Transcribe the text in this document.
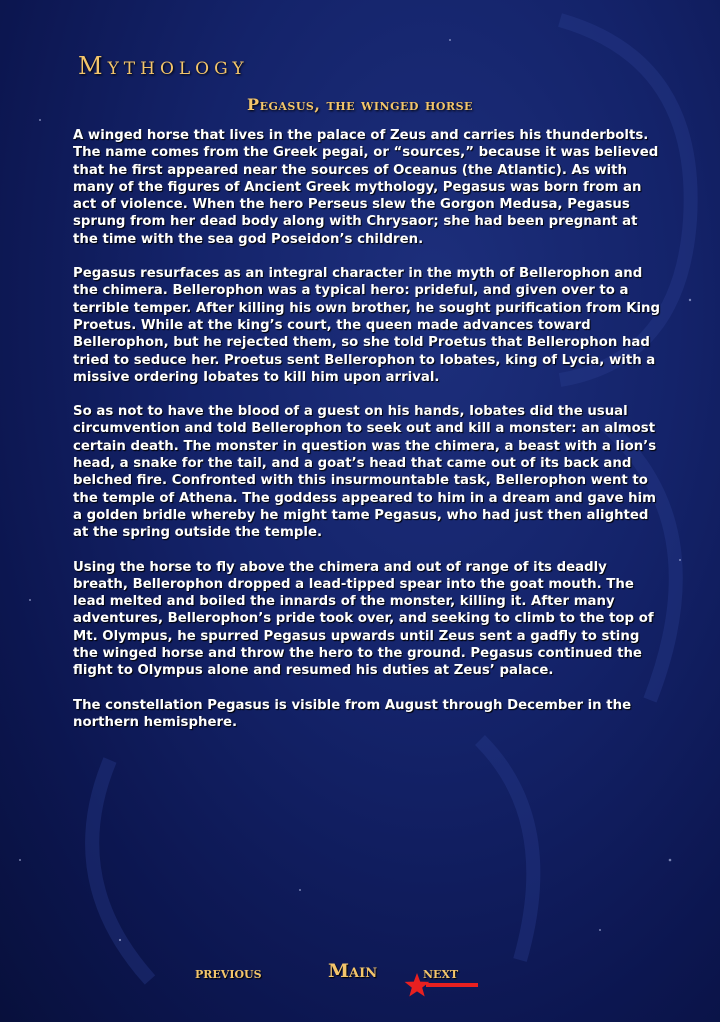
Mythology
Pegasus, the winged horse

A winged horse that lives in the palace of Zeus and carries his thunderbolts. The name comes from the Greek pegai, or “sources,” because it was believed that he first appeared near the sources of Oceanus (the Atlantic). As with many of the figures of Ancient Greek mythology, Pegasus was born from an act of violence. When the hero Perseus slew the Gorgon Medusa, Pegasus sprung from her dead body along with Chrysaor; she had been pregnant at the time with the sea god Poseidon’s children.

Pegasus resurfaces as an integral character in the myth of Bellerophon and the chimera. Bellerophon was a typical hero: prideful, and given over to a terrible temper. After killing his own brother, he sought purification from King Proetus. While at the king’s court, the queen made advances toward Bellerophon, but he rejected them, so she told Proetus that Bellerophon had tried to seduce her. Proetus sent Bellerophon to Iobates, king of Lycia, with a missive ordering Iobates to kill him upon arrival.

So as not to have the blood of a guest on his hands, Iobates did the usual circumvention and told Bellerophon to seek out and kill a monster: an almost certain death. The monster in question was the chimera, a beast with a lion’s head, a snake for the tail, and a goat’s head that came out of its back and belched fire. Confronted with this insurmountable task, Bellerophon went to the temple of Athena. The goddess appeared to him in a dream and gave him a golden bridle whereby he might tame Pegasus, who had just then alighted at the spring outside the temple.

Using the horse to fly above the chimera and out of range of its deadly breath, Bellerophon dropped a lead-tipped spear into the goat mouth. The lead melted and boiled the innards of the monster, killing it. After many adventures, Bellerophon’s pride took over, and seeking to climb to the top of Mt. Olympus, he spurred Pegasus upwards until Zeus sent a gadfly to sting the winged horse and throw the hero to the ground. Pegasus continued the flight to Olympus alone and resumed his duties at Zeus’ palace.

The constellation Pegasus is visible from August through December in the northern hemisphere.

previous	Main	next
